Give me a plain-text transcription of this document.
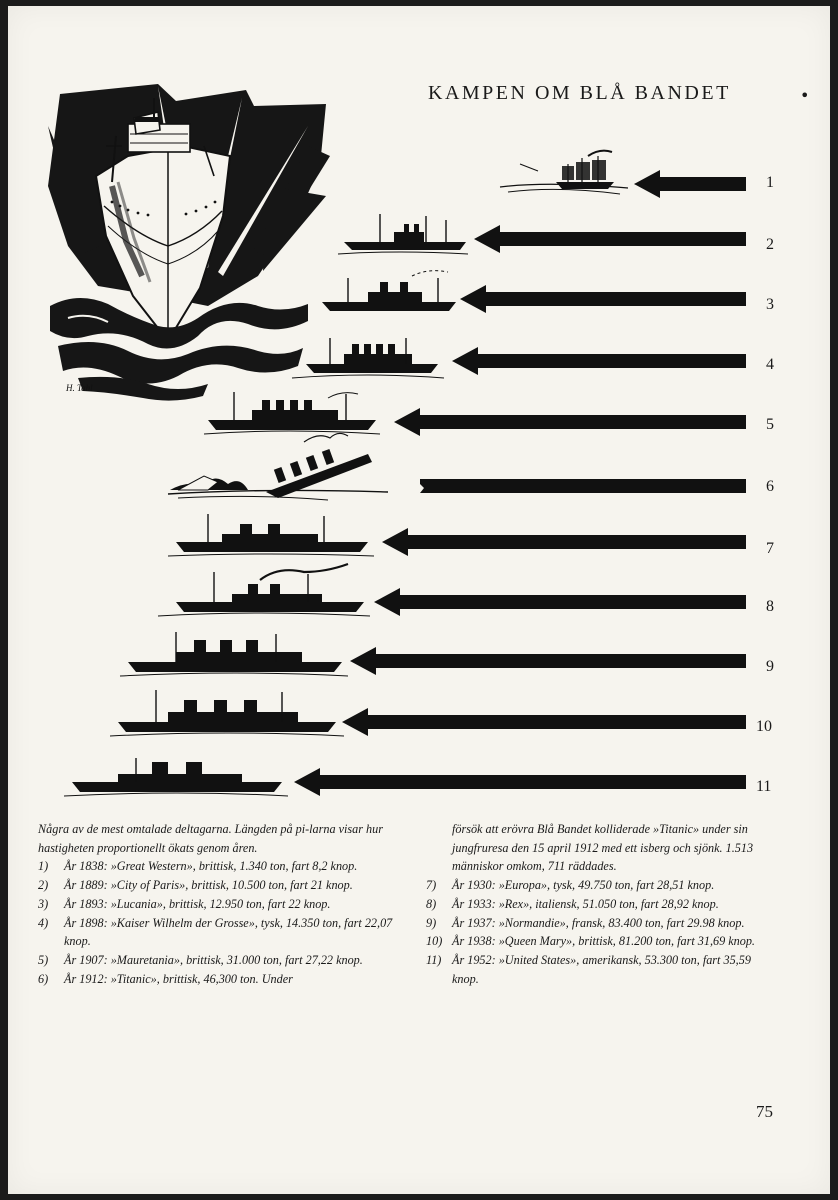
KAMPEN OM BLÅ BANDET	•
H. Tahl
1
2
3
4
5
6
7
8
9
10
11

Några av de mest omtalade deltagarna. Längden på pi-larna visar hur hastigheten proportionellt ökats genom åren.

1) År 1838: »Great Western», brittisk, 1.340 ton, fart 8,2 knop.

2) År 1889: »City of Paris», brittisk, 10.500 ton, fart 21 knop.

3) År 1893: »Lucania», brittisk, 12.950 ton, fart 22 knop.

4) År 1898: »Kaiser Wilhelm der Grosse», tysk, 14.350 ton, fart 22,07 knop.

5) År 1907: »Mauretania», brittisk, 31.000 ton, fart 27,22 knop.

6) År 1912: »Titanic», brittisk, 46,300 ton. Under

försök att erövra Blå Bandet kolliderade »Titanic» under sin jungfruresa den 15 april 1912 med ett isberg och sjönk. 1.513 människor omkom, 711 räddades.

7) År 1930: »Europa», tysk, 49.750 ton, fart 28,51 knop.

8) År 1933: »Rex», italiensk, 51.050 ton, fart 28,92 knop.

9) År 1937: »Normandie», fransk, 83.400 ton, fart 29.98 knop.

10) År 1938: »Queen Mary», brittisk, 81.200 ton, fart 31,69 knop.

11) År 1952: »United States», amerikansk, 53.300 ton, fart 35,59 knop.

75
